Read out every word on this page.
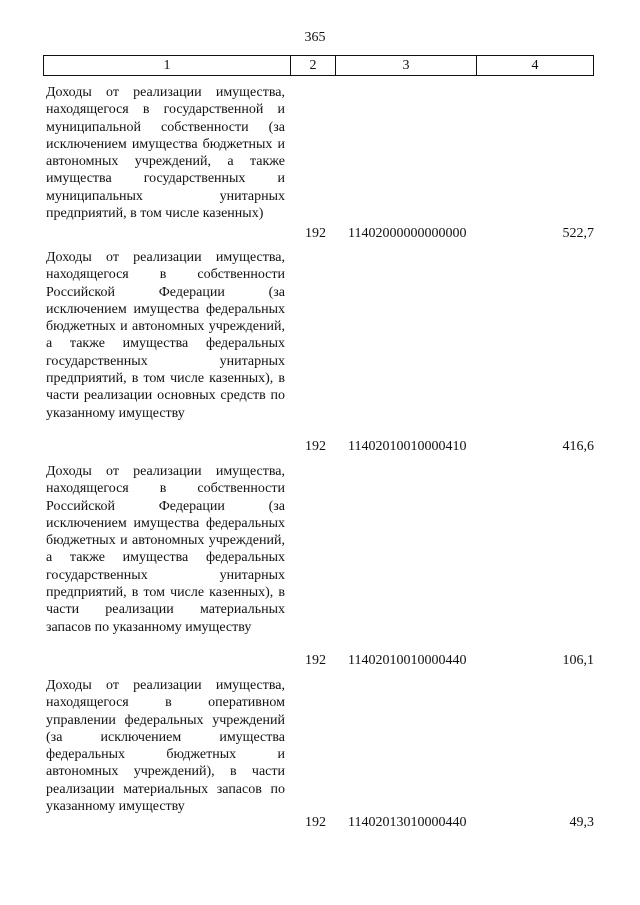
365
1	2	3	4
Доходы от реализации имущества, находящегося в государственной и муниципальной собственности (за исключением имущества бюджетных и автономных учреждений, а также имущества государственных и муниципальных унитарных предприятий, в том числе казенных)
192 11402000000000000	522,7
Доходы от реализации имущества, находящегося в собственности Российской Федерации (за исключением имущества федеральных бюджетных и автономных учреждений, а также имущества федеральных государственных унитарных предприятий, в том числе казенных), в части реализации основных средств по указанному имуществу
192 11402010010000410	416,6
Доходы от реализации имущества, находящегося в собственности Российской Федерации (за исключением имущества федеральных бюджетных и автономных учреждений, а также имущества федеральных государственных унитарных предприятий, в том числе казенных), в части реализации материальных запасов по указанному имуществу
192 11402010010000440	106,1
Доходы от реализации имущества, находящегося в оперативном управлении федеральных учреждений (за исключением имущества федеральных бюджетных и автономных учреждений), в части реализации материальных запасов по указанному имуществу
192 11402013010000440	49,3
